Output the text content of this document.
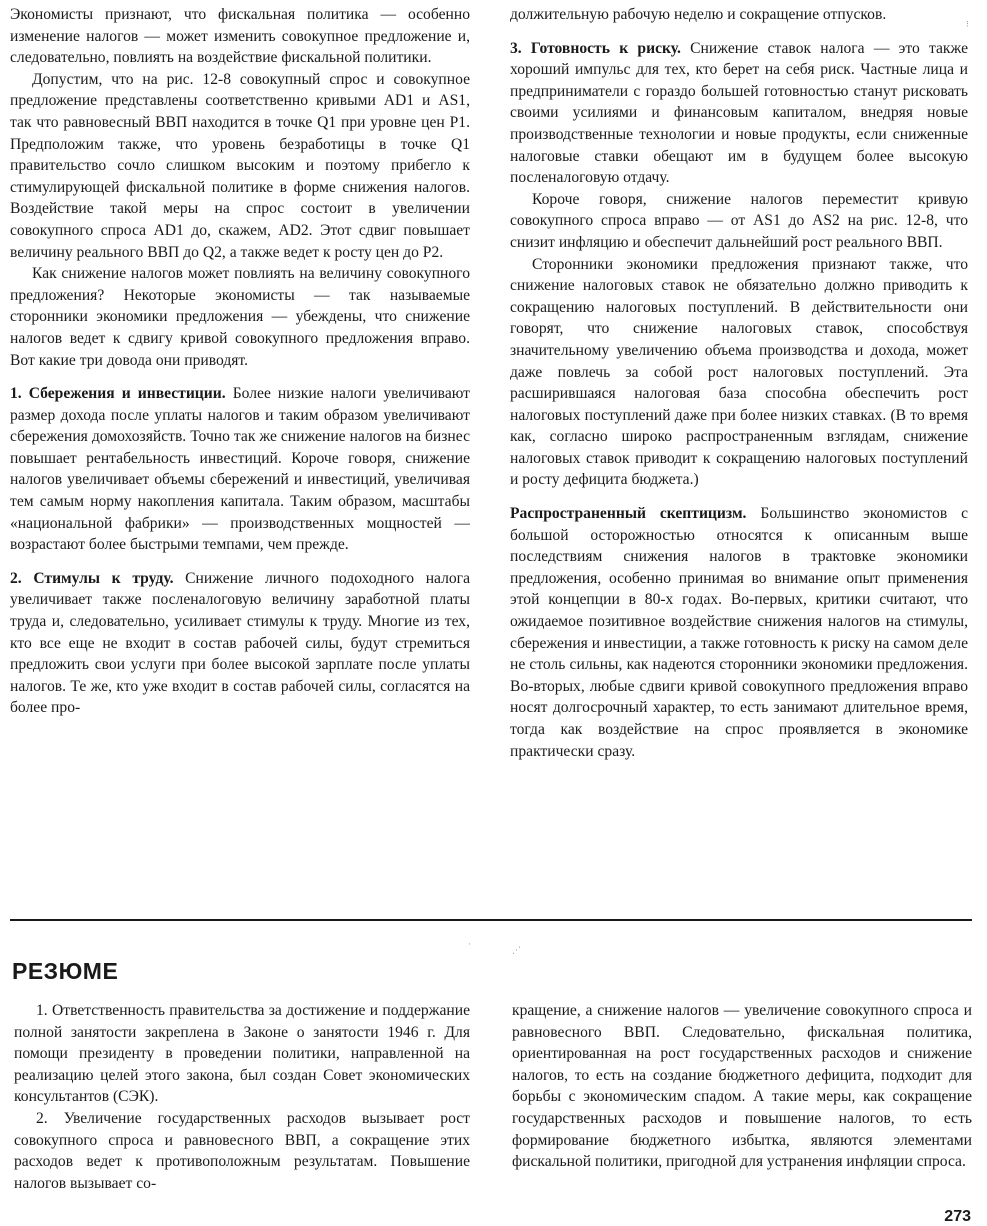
Экономисты признают, что фискальная политика — особенно изменение налогов — может изменить совокупное предложение и, следовательно, повлиять на воздействие фискальной политики.

Допустим, что на рис. 12-8 совокупный спрос и совокупное предложение представлены соответственно кривыми AD1 и AS1, так что равновесный ВВП находится в точке Q1 при уровне цен P1. Предположим также, что уровень безработицы в точке Q1 правительство сочло слишком высоким и поэтому прибегло к стимулирующей фискальной политике в форме снижения налогов. Воздействие такой меры на спрос состоит в увеличении совокупного спроса AD1 до, скажем, AD2. Этот сдвиг повышает величину реального ВВП до Q2, а также ведет к росту цен до P2.

Как снижение налогов может повлиять на величину совокупного предложения? Некоторые экономисты — так называемые сторонники экономики предложения — убеждены, что снижение налогов ведет к сдвигу кривой совокупного предложения вправо. Вот какие три довода они приводят.

1. Сбережения и инвестиции. Более низкие налоги увеличивают размер дохода после уплаты налогов и таким образом увеличивают сбережения домохозяйств. Точно так же снижение налогов на бизнес повышает рентабельность инвестиций. Короче говоря, снижение налогов увеличивает объемы сбережений и инвестиций, увеличивая тем самым норму накопления капитала. Таким образом, масштабы «национальной фабрики» — производственных мощностей — возрастают более быстрыми темпами, чем прежде.

2. Стимулы к труду. Снижение личного подоходного налога увеличивает также посленалоговую величину заработной платы труда и, следовательно, усиливает стимулы к труду. Многие из тех, кто все еще не входит в состав рабочей силы, будут стремиться предложить свои услуги при более высокой зарплате после уплаты налогов. Те же, кто уже входит в состав рабочей силы, согласятся на более про-

должительную рабочую неделю и сокращение отпусков.

3. Готовность к риску. Снижение ставок налога — это также хороший импульс для тех, кто берет на себя риск. Частные лица и предприниматели с гораздо большей готовностью станут рисковать своими усилиями и финансовым капиталом, внедряя новые производственные технологии и новые продукты, если сниженные налоговые ставки обещают им в будущем более высокую посленалоговую отдачу.

Короче говоря, снижение налогов переместит кривую совокупного спроса вправо — от AS1 до AS2 на рис. 12-8, что снизит инфляцию и обеспечит дальнейший рост реального ВВП.

Сторонники экономики предложения признают также, что снижение налоговых ставок не обязательно должно приводить к сокращению налоговых поступлений. В действительности они говорят, что снижение налоговых ставок, способствуя значительному увеличению объема производства и дохода, может даже повлечь за собой рост налоговых поступлений. Эта расширившаяся налоговая база способна обеспечить рост налоговых поступлений даже при более низких ставках. (В то время как, согласно широко распространенным взглядам, снижение налоговых ставок приводит к сокращению налоговых поступлений и росту дефицита бюджета.)

Распространенный скептицизм. Большинство экономистов с большой осторожностью относятся к описанным выше последствиям снижения налогов в трактовке экономики предложения, особенно принимая во внимание опыт применения этой концепции в 80-х годах. Во-первых, критики считают, что ожидаемое позитивное воздействие снижения налогов на стимулы, сбережения и инвестиции, а также готовность к риску на самом деле не столь сильны, как надеются сторонники экономики предложения. Во-вторых, любые сдвиги кривой совокупного предложения вправо носят долгосрочный характер, то есть занимают длительное время, тогда как воздействие на спрос проявляется в экономике практически сразу.

·
⋰
⁝
РЕЗЮМЕ

1. Ответственность правительства за достижение и поддержание полной занятости закреплена в Законе о занятости 1946 г. Для помощи президенту в проведении политики, направленной на реализацию целей этого закона, был создан Совет экономических консультантов (СЭК).

2. Увеличение государственных расходов вызывает рост совокупного спроса и равновесного ВВП, а сокращение этих расходов ведет к противоположным результатам. Повышение налогов вызывает со-

кращение, а снижение налогов — увеличение совокупного спроса и равновесного ВВП. Следовательно, фискальная политика, ориентированная на рост государственных расходов и снижение налогов, то есть на создание бюджетного дефицита, подходит для борьбы с экономическим спадом. А такие меры, как сокращение государственных расходов и повышение налогов, то есть формирование бюджетного избытка, являются элементами фискальной политики, пригодной для устранения инфляции спроса.

273
